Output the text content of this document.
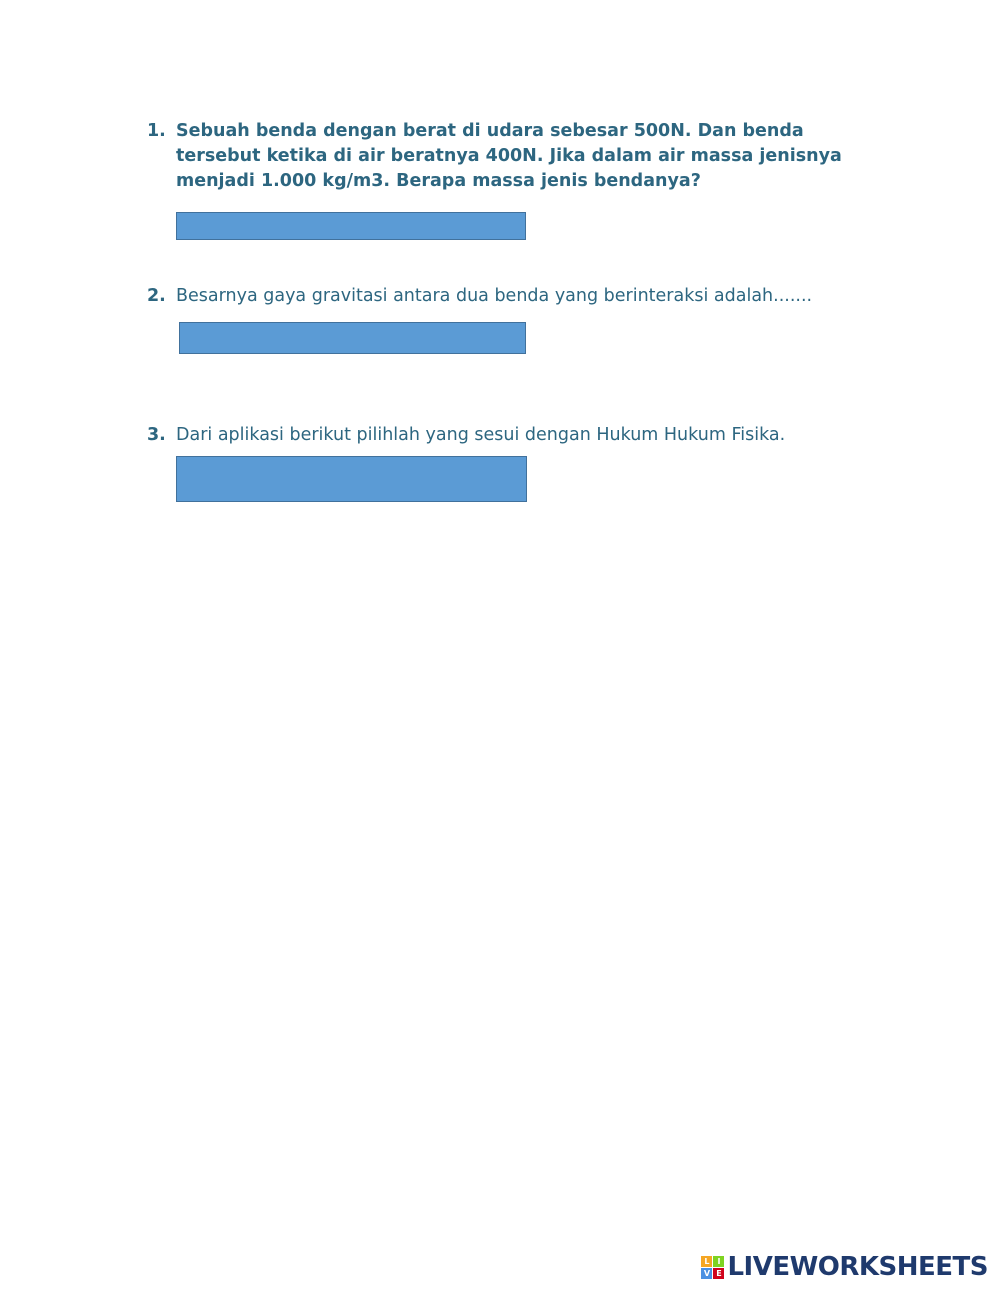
1. Sebuah benda dengan berat di udara sebesar 500N. Dan benda tersebut ketika di air beratnya 400N. Jika dalam air massa jenisnya menjadi 1.000 kg/m3. Berapa massa jenis bendanya?
2. Besarnya gaya gravitasi antara dua benda yang berinteraksi adalah.......
3. Dari aplikasi berikut pilihlah yang sesui dengan Hukum Hukum Fisika.
L I
V E LIVEWORKSHEETS
